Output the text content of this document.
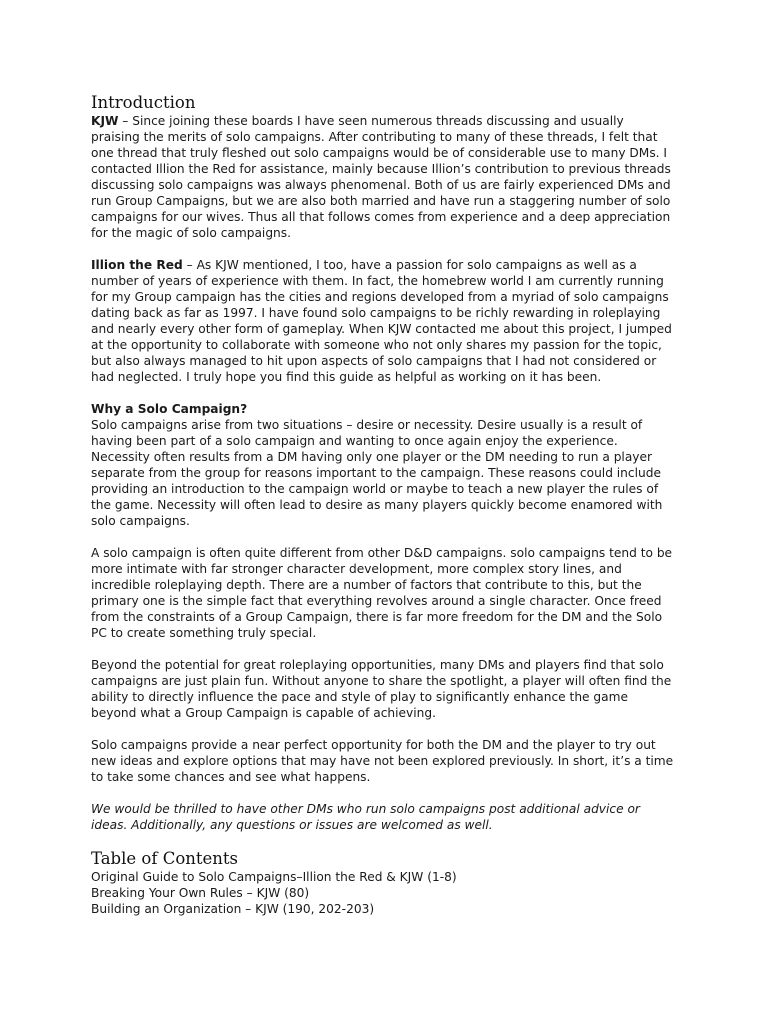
Introduction

KJW – Since joining these boards I have seen numerous threads discussing and usually praising the merits of solo campaigns. After contributing to many of these threads, I felt that one thread that truly fleshed out solo campaigns would be of considerable use to many DMs. I contacted Illion the Red for assistance, mainly because Illion’s contribution to previous threads discussing solo campaigns was always phenomenal. Both of us are fairly experienced DMs and run Group Campaigns, but we are also both married and have run a staggering number of solo campaigns for our wives. Thus all that follows comes from experience and a deep appreciation for the magic of solo campaigns.

Illion the Red – As KJW mentioned, I too, have a passion for solo campaigns as well as a number of years of experience with them. In fact, the homebrew world I am currently running for my Group campaign has the cities and regions developed from a myriad of solo campaigns dating back as far as 1997. I have found solo campaigns to be richly rewarding in roleplaying and nearly every other form of gameplay. When KJW contacted me about this project, I jumped at the opportunity to collaborate with someone who not only shares my passion for the topic, but also always managed to hit upon aspects of solo campaigns that I had not considered or had neglected. I truly hope you find this guide as helpful as working on it has been.

Why a Solo Campaign?

Solo campaigns arise from two situations – desire or necessity. Desire usually is a result of having been part of a solo campaign and wanting to once again enjoy the experience. Necessity often results from a DM having only one player or the DM needing to run a player separate from the group for reasons important to the campaign. These reasons could include providing an introduction to the campaign world or maybe to teach a new player the rules of the game. Necessity will often lead to desire as many players quickly become enamored with solo campaigns.

A solo campaign is often quite different from other D&D campaigns. solo campaigns tend to be more intimate with far stronger character development, more complex story lines, and incredible roleplaying depth. There are a number of factors that contribute to this, but the primary one is the simple fact that everything revolves around a single character. Once freed from the constraints of a Group Campaign, there is far more freedom for the DM and the Solo PC to create something truly special.

Beyond the potential for great roleplaying opportunities, many DMs and players find that solo campaigns are just plain fun. Without anyone to share the spotlight, a player will often find the ability to directly influence the pace and style of play to significantly enhance the game beyond what a Group Campaign is capable of achieving.

Solo campaigns provide a near perfect opportunity for both the DM and the player to try out new ideas and explore options that may have not been explored previously. In short, it’s a time to take some chances and see what happens.

We would be thrilled to have other DMs who run solo campaigns post additional advice or ideas. Additionally, any questions or issues are welcomed as well.

Table of Contents
Original Guide to Solo Campaigns–Illion the Red & KJW (1-8)
Breaking Your Own Rules – KJW (80)
Building an Organization – KJW (190, 202-203)
